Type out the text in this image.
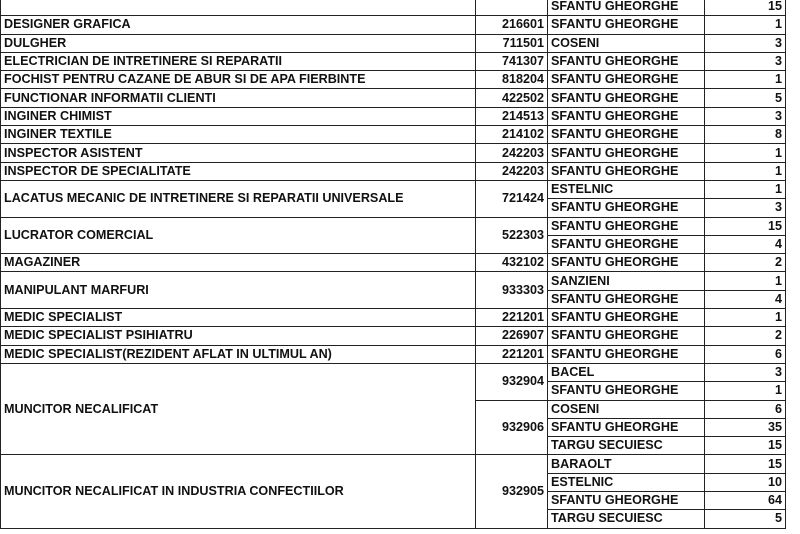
		SFANTU GHEORGHE	15
DESIGNER GRAFICA	216601	SFANTU GHEORGHE	1
DULGHER	711501	COSENI	3
ELECTRICIAN DE INTRETINERE SI REPARATII	741307	SFANTU GHEORGHE	3
FOCHIST PENTRU CAZANE DE ABUR SI DE APA FIERBINTE	818204	SFANTU GHEORGHE	1
FUNCTIONAR INFORMATII CLIENTI	422502	SFANTU GHEORGHE	5
INGINER CHIMIST	214513	SFANTU GHEORGHE	3
INGINER TEXTILE	214102	SFANTU GHEORGHE	8
INSPECTOR ASISTENT	242203	SFANTU GHEORGHE	1
INSPECTOR DE SPECIALITATE	242203	SFANTU GHEORGHE	1
LACATUS MECANIC DE INTRETINERE SI REPARATII UNIVERSALE	721424	ESTELNIC	1
		SFANTU GHEORGHE	3
LUCRATOR COMERCIAL	522303	SFANTU GHEORGHE	15
		SFANTU GHEORGHE	4
MAGAZINER	432102	SFANTU GHEORGHE	2
MANIPULANT MARFURI	933303	SANZIENI	1
		SFANTU GHEORGHE	4
MEDIC SPECIALIST	221201	SFANTU GHEORGHE	1
MEDIC SPECIALIST PSIHIATRU	226907	SFANTU GHEORGHE	2
MEDIC SPECIALIST(REZIDENT AFLAT IN ULTIMUL AN)	221201	SFANTU GHEORGHE	6
MUNCITOR NECALIFICAT	932904	BACEL	3
		SFANTU GHEORGHE	1
	932906	COSENI	6
		SFANTU GHEORGHE	35
		TARGU SECUIESC	15
MUNCITOR NECALIFICAT IN INDUSTRIA CONFECTIILOR	932905	BARAOLT	15
		ESTELNIC	10
		SFANTU GHEORGHE	64
		TARGU SECUIESC	5
